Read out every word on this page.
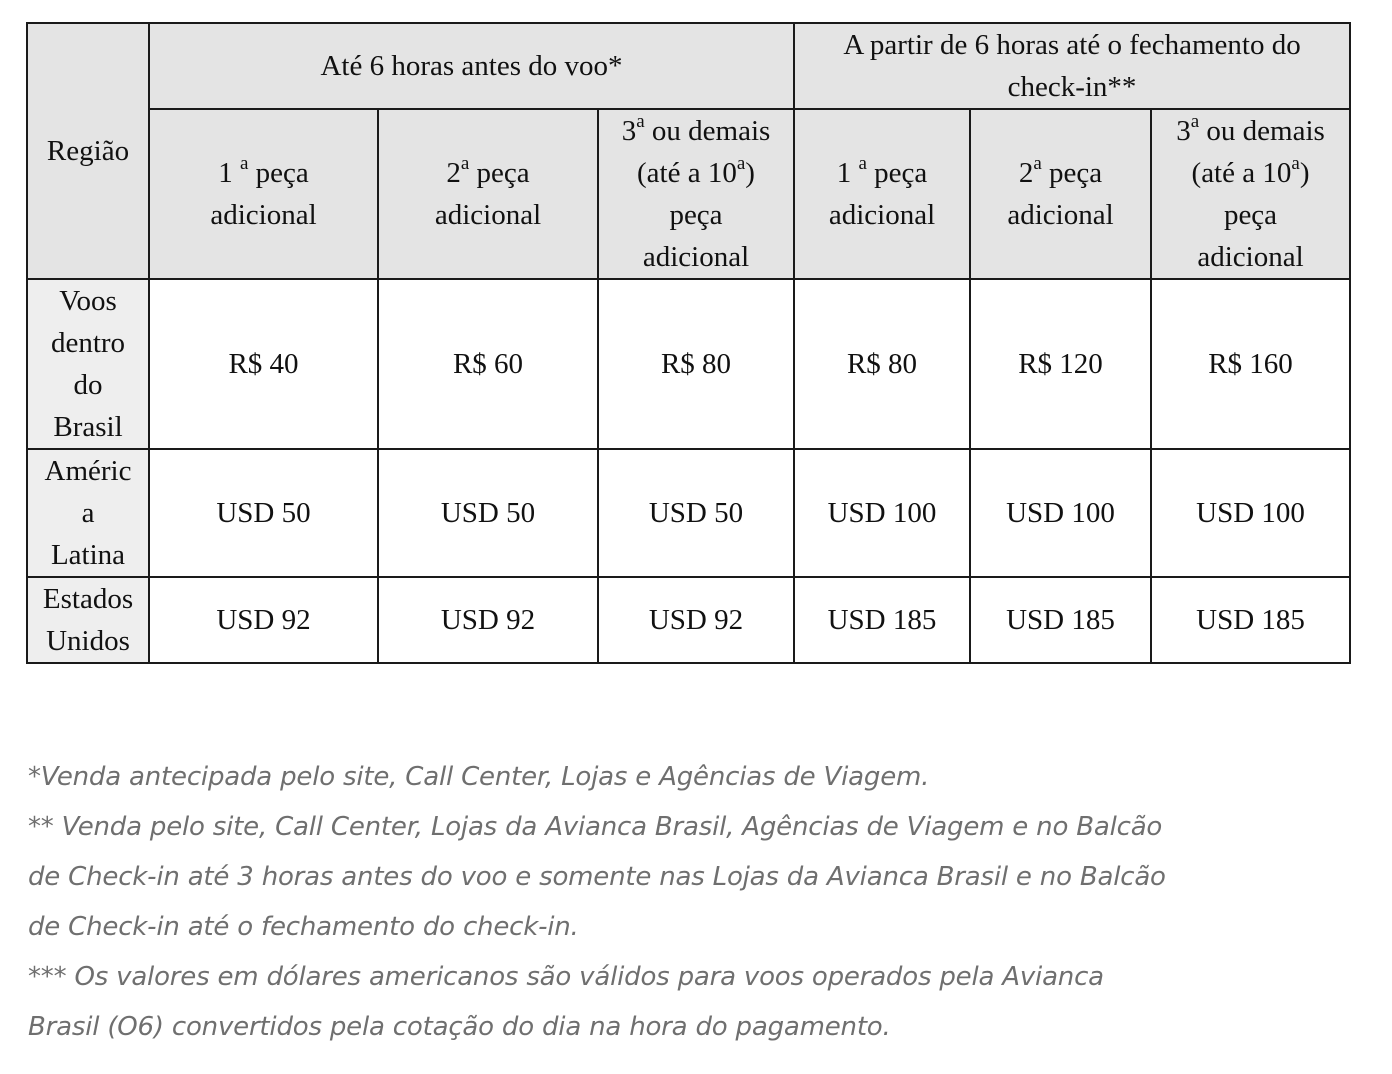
Região	Até 6 horas antes do voo*			A partir de 6 horas até o fechamento do
check-in**		

	1 $^a$ peça
adicional	2$^a$ peça
adicional	3$^a$ ou demais
(até a 10$^a$)
peça
adicional	1 $^a$ peça
adicional	2$^a$ peça
adicional	3$^a$ ou demais
(até a 10$^a$)
peça
adicional

Voos
dentro
do
Brasil	R$ 40	R$ 60	R$ 80	R$ 80	R$ 120	R$ 160

Améric
a
Latina	USD 50	USD 50	USD 50	USD 100	USD 100	USD 100

Estados
Unidos	USD 92	USD 92	USD 92	USD 185	USD 185	USD 185
*Venda antecipada pelo site, Call Center, Lojas e Agências de Viagem.
** Venda pelo site, Call Center, Lojas da Avianca Brasil, Agências de Viagem e no Balcão
de Check-in até 3 horas antes do voo e somente nas Lojas da Avianca Brasil e no Balcão
de Check-in até o fechamento do check-in.
*** Os valores em dólares americanos são válidos para voos operados pela Avianca
Brasil (O6) convertidos pela cotação do dia na hora do pagamento.
